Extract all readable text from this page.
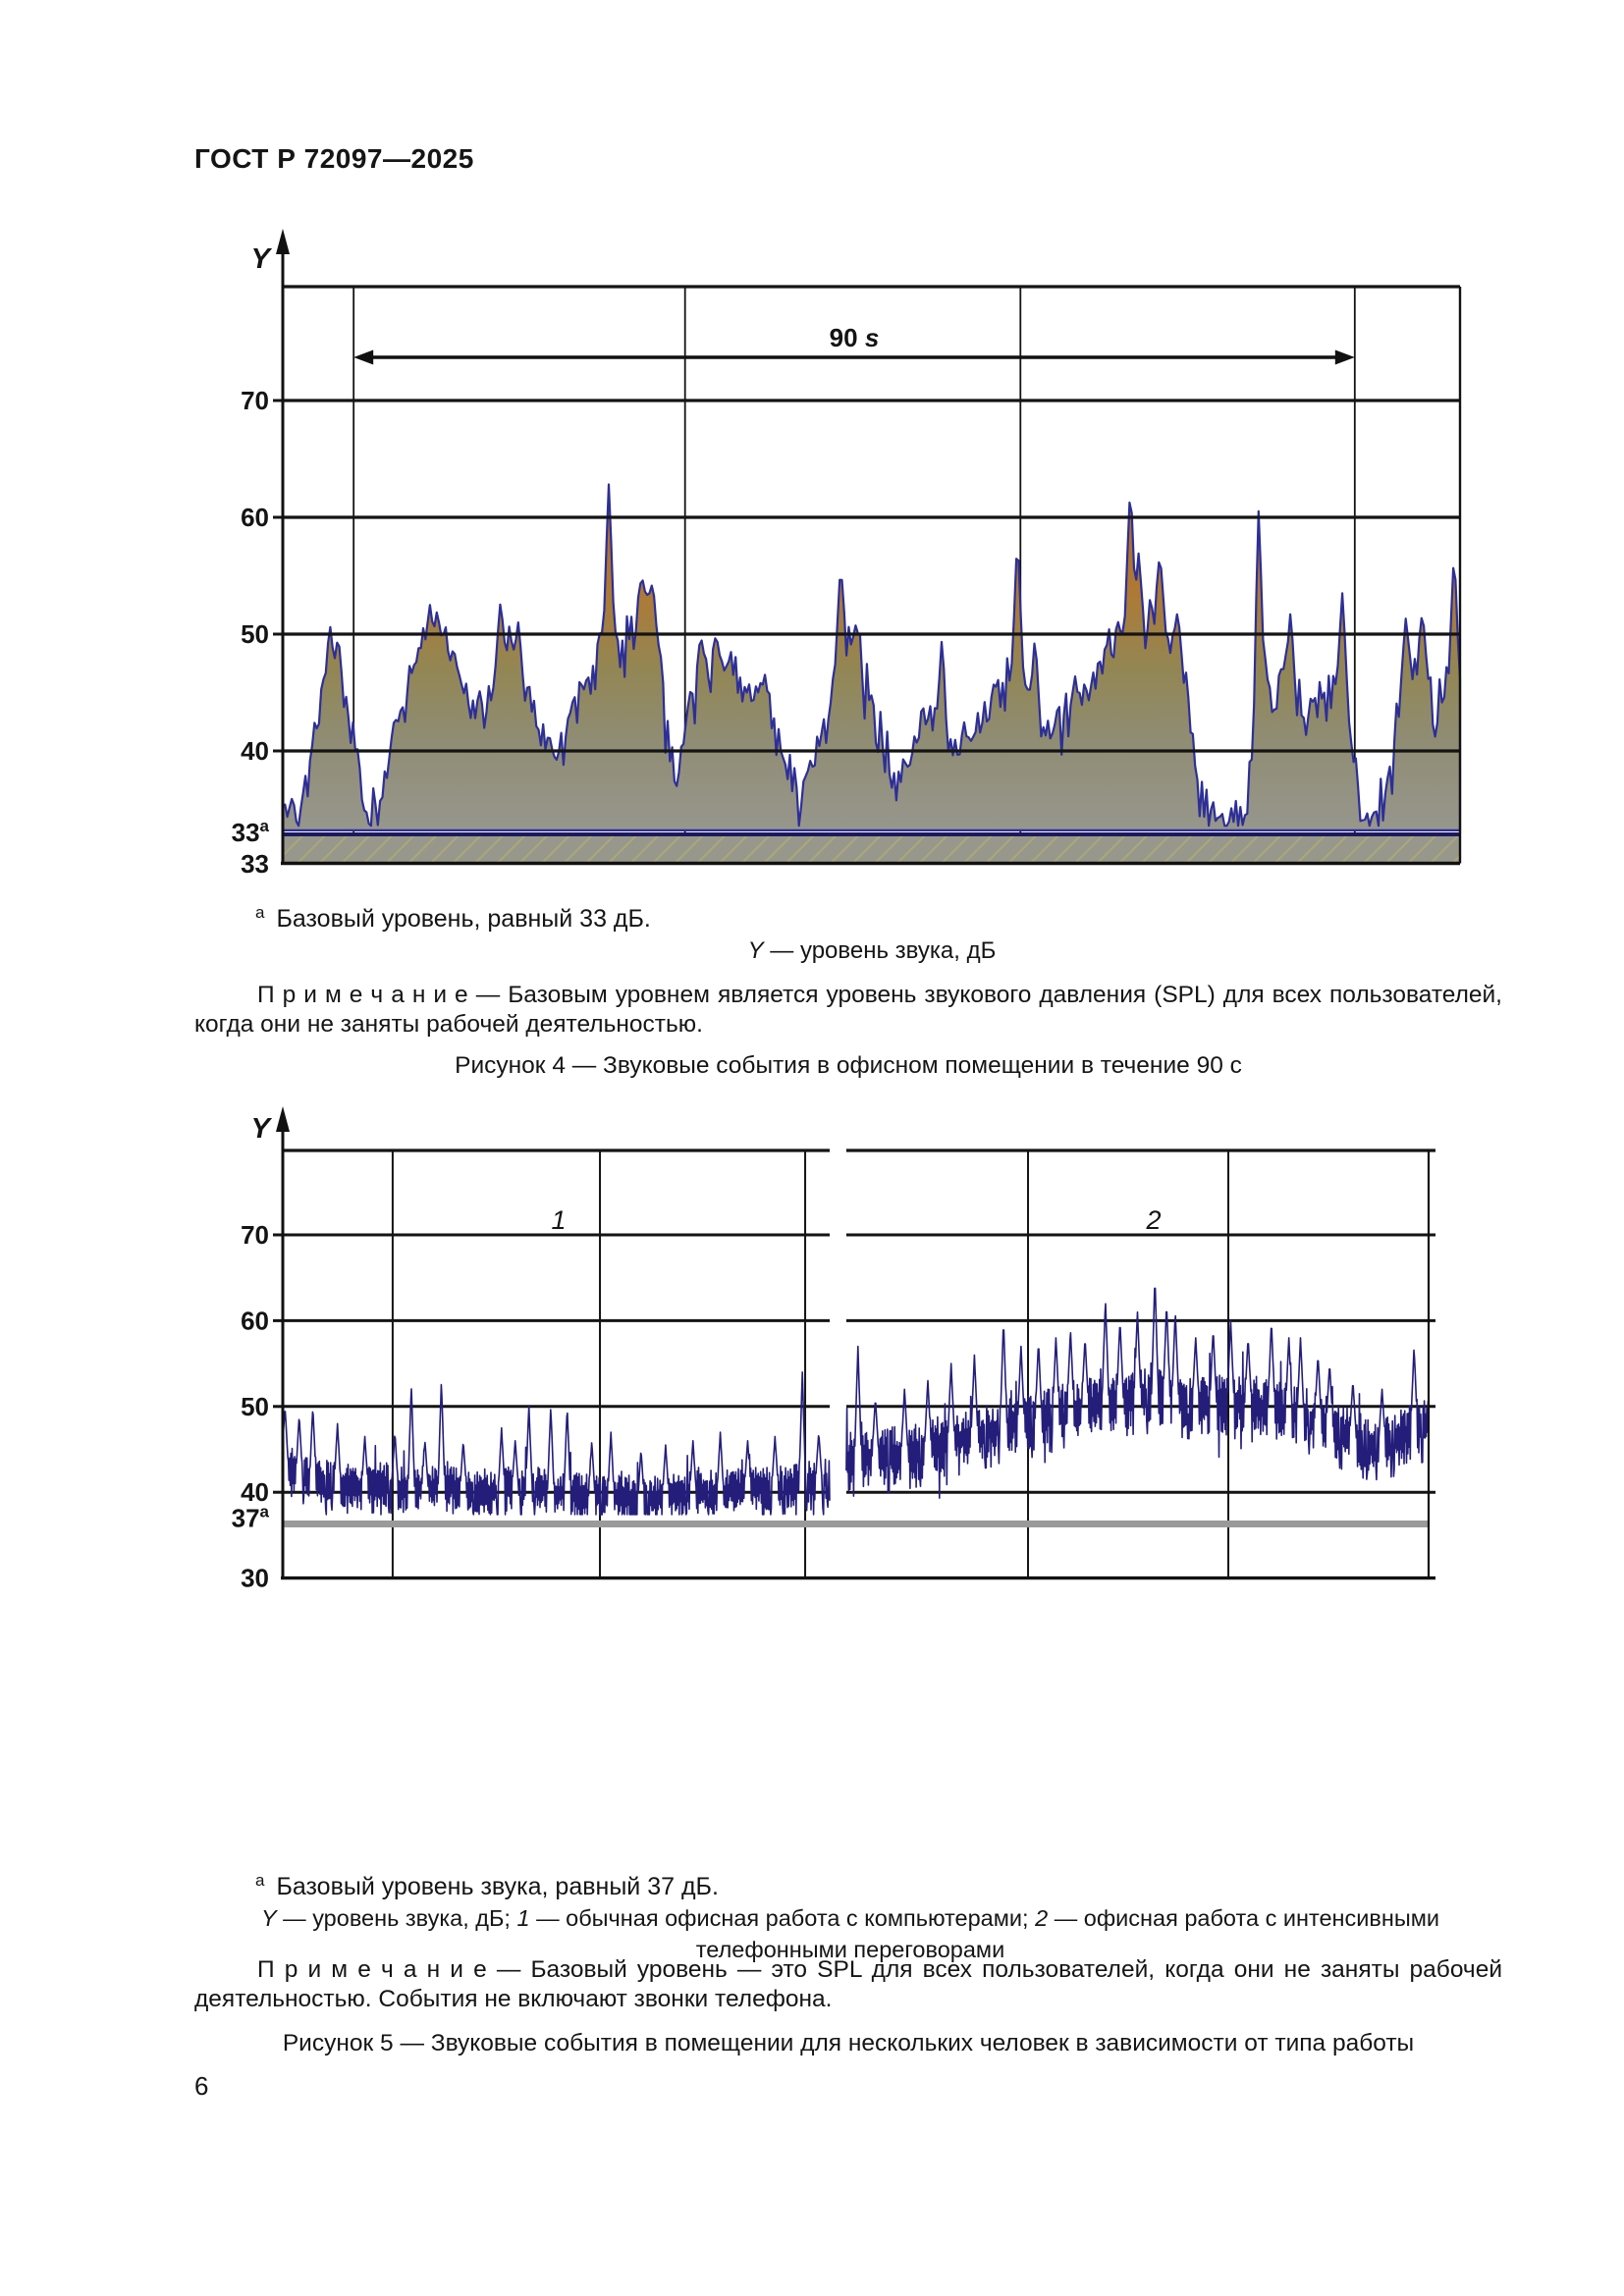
ГОСТ Р 72097—2025
70
60
50
40
Y
33$^a$
33
90 s
$^a$ Базовый уровень, равный 33 дБ.
Y — уровень звука, дБ
П р и м е ч а н и е — Базовым уровнем является уровень звукового давления (SPL) для всех пользователей, когда они не заняты рабочей деятельностью.
Рисунок 4 — Звуковые события в офисном помещении в течение 90 с
70
60
50
40
Y
37$^a$
30
1	2
$^a$ Базовый уровень звука, равный 37 дБ.
Y — уровень звука, дБ; 1 — обычная офисная работа с компьютерами; 2 — офисная работа с интенсивными телефонными переговорами
П р и м е ч а н и е — Базовый уровень — это SPL для всех пользователей, когда они не заняты рабочей деятельностью. События не включают звонки телефона.
Рисунок 5 — Звуковые события в помещении для нескольких человек в зависимости от типа работы
6
